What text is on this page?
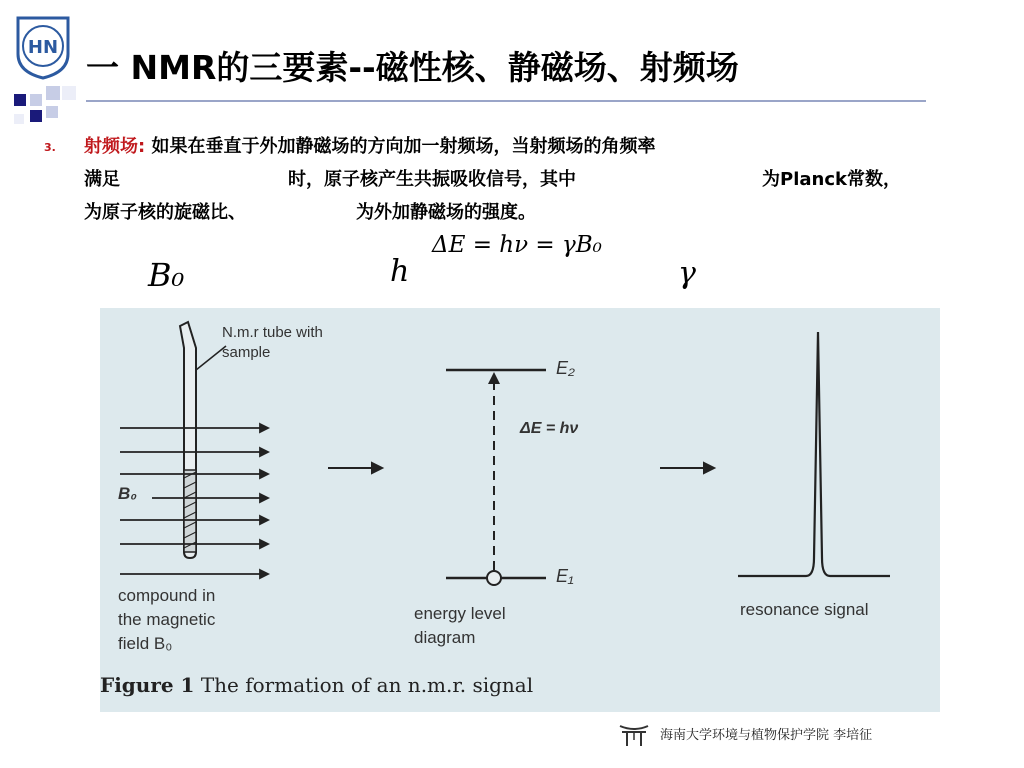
HN
一 NMR的三要素--磁性核、静磁场、射频场
3. 射频场: 如果在垂直于外加静磁场的方向加一射频场，当射频场的角频率
满足	时，原子核产生共振吸收信号，其中	为Planck常数，
为原子核的旋磁比、	为外加静磁场的强度。
ΔE = hν = γB₀
h
B₀	γ
N.m.r tube with
sample
B₀
compound in
the magnetic
field B₀
E₂
E₁
ΔE = hν
energy level
diagram
resonance signal
Figure 1 The formation of an n.m.r. signal
海南大学环境与植物保护学院 李培征
